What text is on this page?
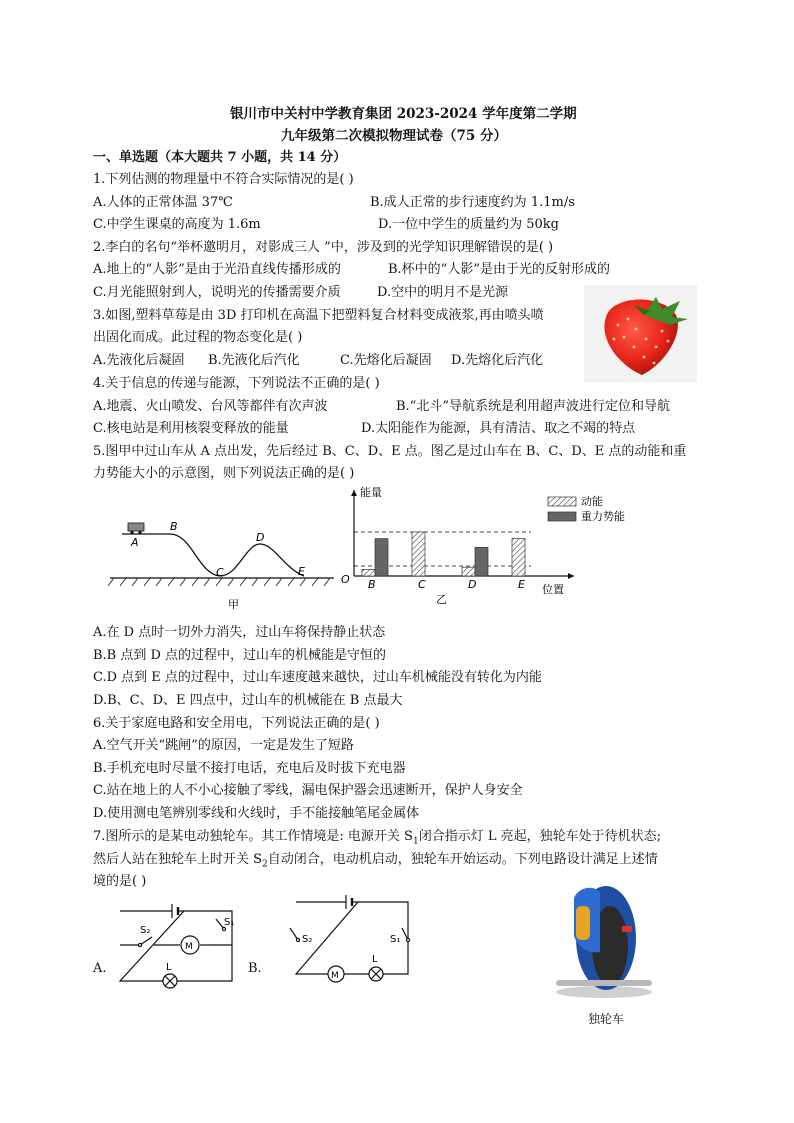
银川市中关村中学教育集团 2023-2024 学年度第二学期
九年级第二次模拟物理试卷（75 分）
一、单选题（本大题共 7 小题，共 14 分）
1.下列估测的物理量中不符合实际情况的是( )
A.人体的正常体温 37℃	B.成人正常的步行速度约为 1.1m/s
C.中学生课桌的高度为 1.6m	D.一位中学生的质量约为 50kg
2.李白的名句“举杯邀明月，对影成三人 ”中，涉及到的光学知识理解错误的是( )
A.地上的“人影”是由于光沿直线传播形成的	B.杯中的“人影”是由于光的反射形成的
C.月光能照射到人，说明光的传播需要介质	D.空中的明月不是光源
3.如图,塑料草莓是由 3D 打印机在高温下把塑料复合材料变成液浆,再由喷头喷
出固化而成。此过程的物态变化是( )
A.先液化后凝固 B.先液化后汽化	C.先熔化后凝固 D.先熔化后汽化
4.关于信息的传递与能源，下列说法不正确的是( )
A.地震、火山喷发、台风等都伴有次声波	B.“北斗”导航系统是利用超声波进行定位和导航
C.核电站是利用核裂变释放的能量	D.太阳能作为能源，具有清洁、取之不竭的特点
5.图甲中过山车从 A 点出发，先后经过 B、C、D、E 点。图乙是过山车在 B、C、D、E 点的动能和重
力势能大小的示意图，则下列说法正确的是( )
A
B
C
D
E
甲
能量
位置
O B	C	D	E
动能
重力势能
乙
A.在 D 点时一切外力消失，过山车将保持静止状态
B.B 点到 D 点的过程中，过山车的机械能是守恒的
C.D 点到 E 点的过程中，过山车速度越来越快，过山车机械能没有转化为内能
D.B、C、D、E 四点中，过山车的机械能在 B 点最大
6.关于家庭电路和安全用电，下列说法正确的是( )
A.空气开关“跳闸”的原因，一定是发生了短路
B.手机充电时尽量不接打电话，充电后及时拔下充电器
C.站在地上的人不小心接触了零线，漏电保护器会迅速断开，保护人身安全
D.使用测电笔辨别零线和火线时，手不能接触笔尾金属体
7.图所示的是某电动独轮车。其工作情境是: 电源开关 $S_1$闭合指示灯 L 亮起，独轮车处于待机状态;
然后人站在独轮车上时开关 $S_2$自动闭合，电动机启动，独轮车开始运动。下列电路设计满足上述情
境的是( )
A.
S₂
S₁
M
L	B.
S₂	S₁
M
L
独轮车
